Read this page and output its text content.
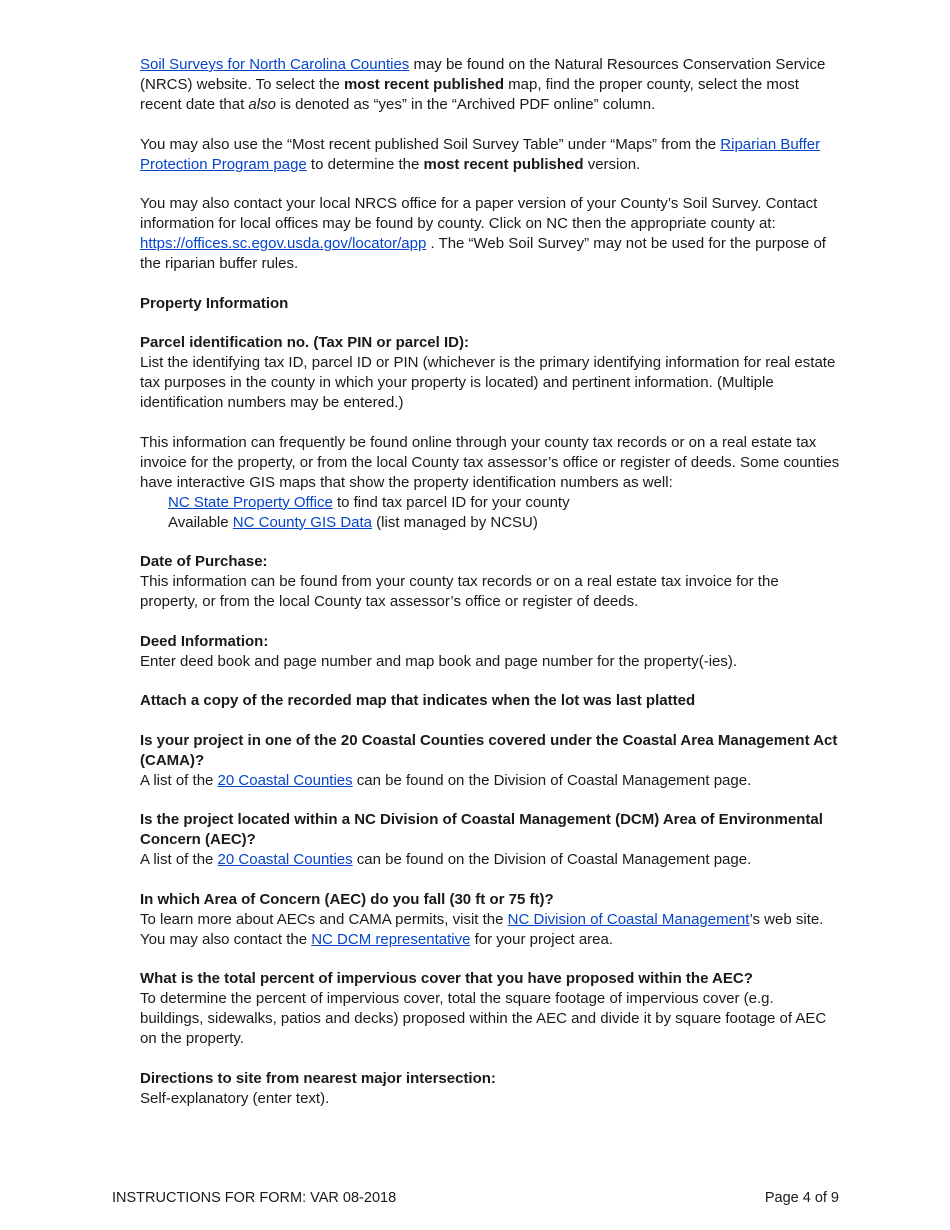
Soil Surveys for North Carolina Counties may be found on the Natural Resources Conservation Service (NRCS) website. To select the most recent published map, find the proper county, select the most recent date that also is denoted as “yes” in the “Archived PDF online” column.

You may also use the “Most recent published Soil Survey Table” under “Maps” from the Riparian Buffer Protection Program page to determine the most recent published version.

You may also contact your local NRCS office for a paper version of your County’s Soil Survey. Contact information for local offices may be found by county. Click on NC then the appropriate county at: https://offices.sc.egov.usda.gov/locator/app . The “Web Soil Survey” may not be used for the purpose of the riparian buffer rules.

Property Information

Parcel identification no. (Tax PIN or parcel ID):

List the identifying tax ID, parcel ID or PIN (whichever is the primary identifying information for real estate tax purposes in the county in which your property is located) and pertinent information. (Multiple identification numbers may be entered.)

This information can frequently be found online through your county tax records or on a real estate tax invoice for the property, or from the local County tax assessor’s office or register of deeds. Some counties have interactive GIS maps that show the property identification numbers as well:

NC State Property Office to find tax parcel ID for your county

Available NC County GIS Data (list managed by NCSU)

Date of Purchase:

This information can be found from your county tax records or on a real estate tax invoice for the property, or from the local County tax assessor’s office or register of deeds.

Deed Information:

Enter deed book and page number and map book and page number for the property(-ies).

Attach a copy of the recorded map that indicates when the lot was last platted

Is your project in one of the 20 Coastal Counties covered under the Coastal Area Management Act (CAMA)?

A list of the 20 Coastal Counties can be found on the Division of Coastal Management page.

Is the project located within a NC Division of Coastal Management (DCM) Area of Environmental Concern (AEC)?

A list of the 20 Coastal Counties can be found on the Division of Coastal Management page.

In which Area of Concern (AEC) do you fall (30 ft or 75 ft)?

To learn more about AECs and CAMA permits, visit the NC Division of Coastal Management’s web site. You may also contact the NC DCM representative for your project area.

What is the total percent of impervious cover that you have proposed within the AEC?

To determine the percent of impervious cover, total the square footage of impervious cover (e.g. buildings, sidewalks, patios and decks) proposed within the AEC and divide it by square footage of AEC on the property.

Directions to site from nearest major intersection:

Self-explanatory (enter text).

INSTRUCTIONS FOR FORM: VAR 08-2018	Page 4 of 9
